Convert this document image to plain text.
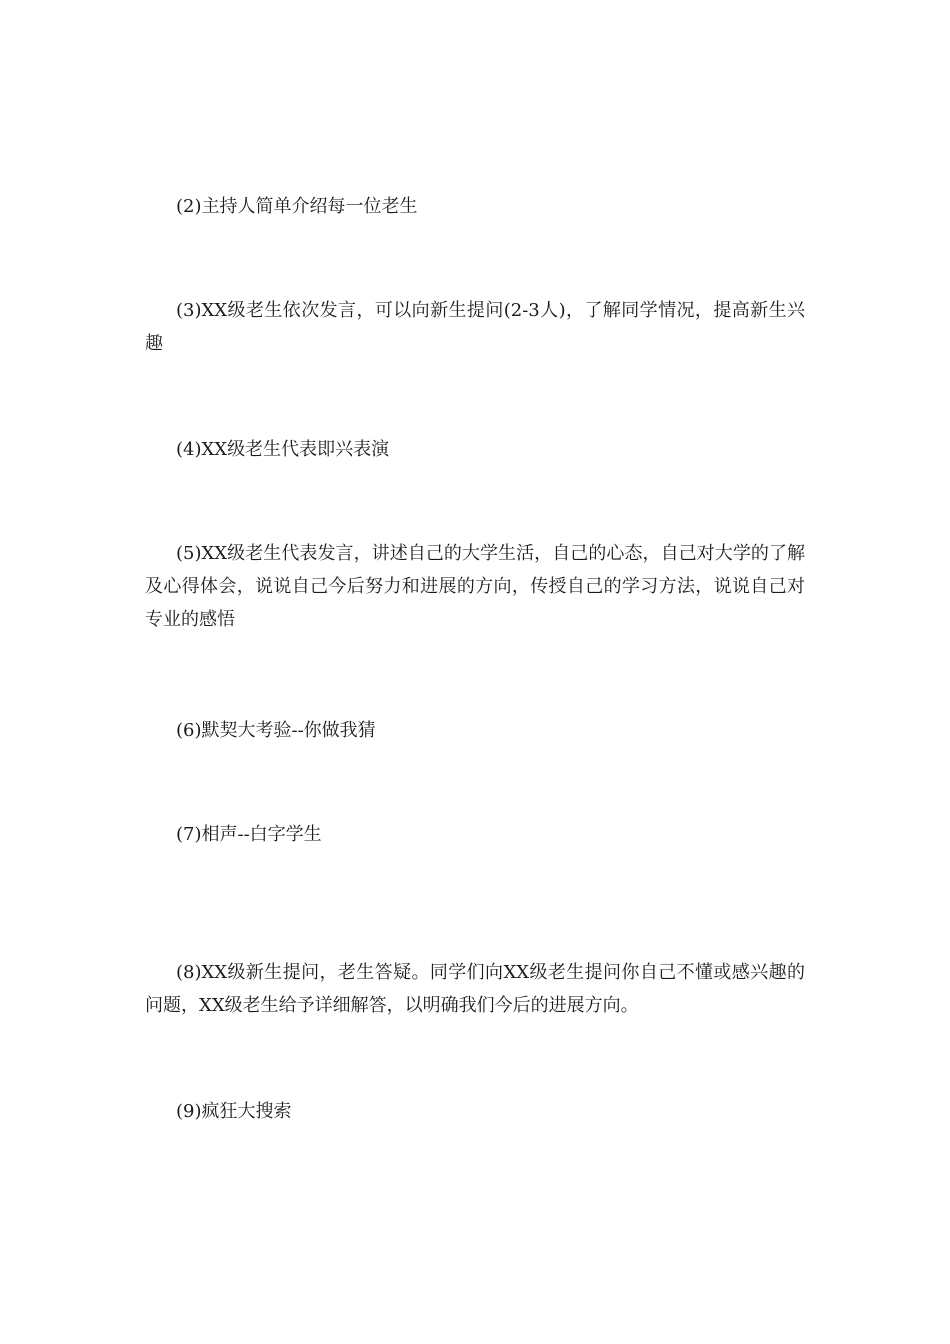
(2)主持人简单介绍每一位老生

(3)XX级老生依次发言，可以向新生提问(2-3人)，了解同学情况，提高新生兴趣

(4)XX级老生代表即兴表演

(5)XX级老生代表发言，讲述自己的大学生活，自己的心态，自己对大学的了解及心得体会，说说自己今后努力和进展的方向，传授自己的学习方法，说说自己对专业的感悟

(6)默契大考验--你做我猜

(7)相声--白字学生

(8)XX级新生提问，老生答疑。同学们向XX级老生提问你自己不懂或感兴趣的问题，XX级老生给予详细解答，以明确我们今后的进展方向。

(9)疯狂大搜索
